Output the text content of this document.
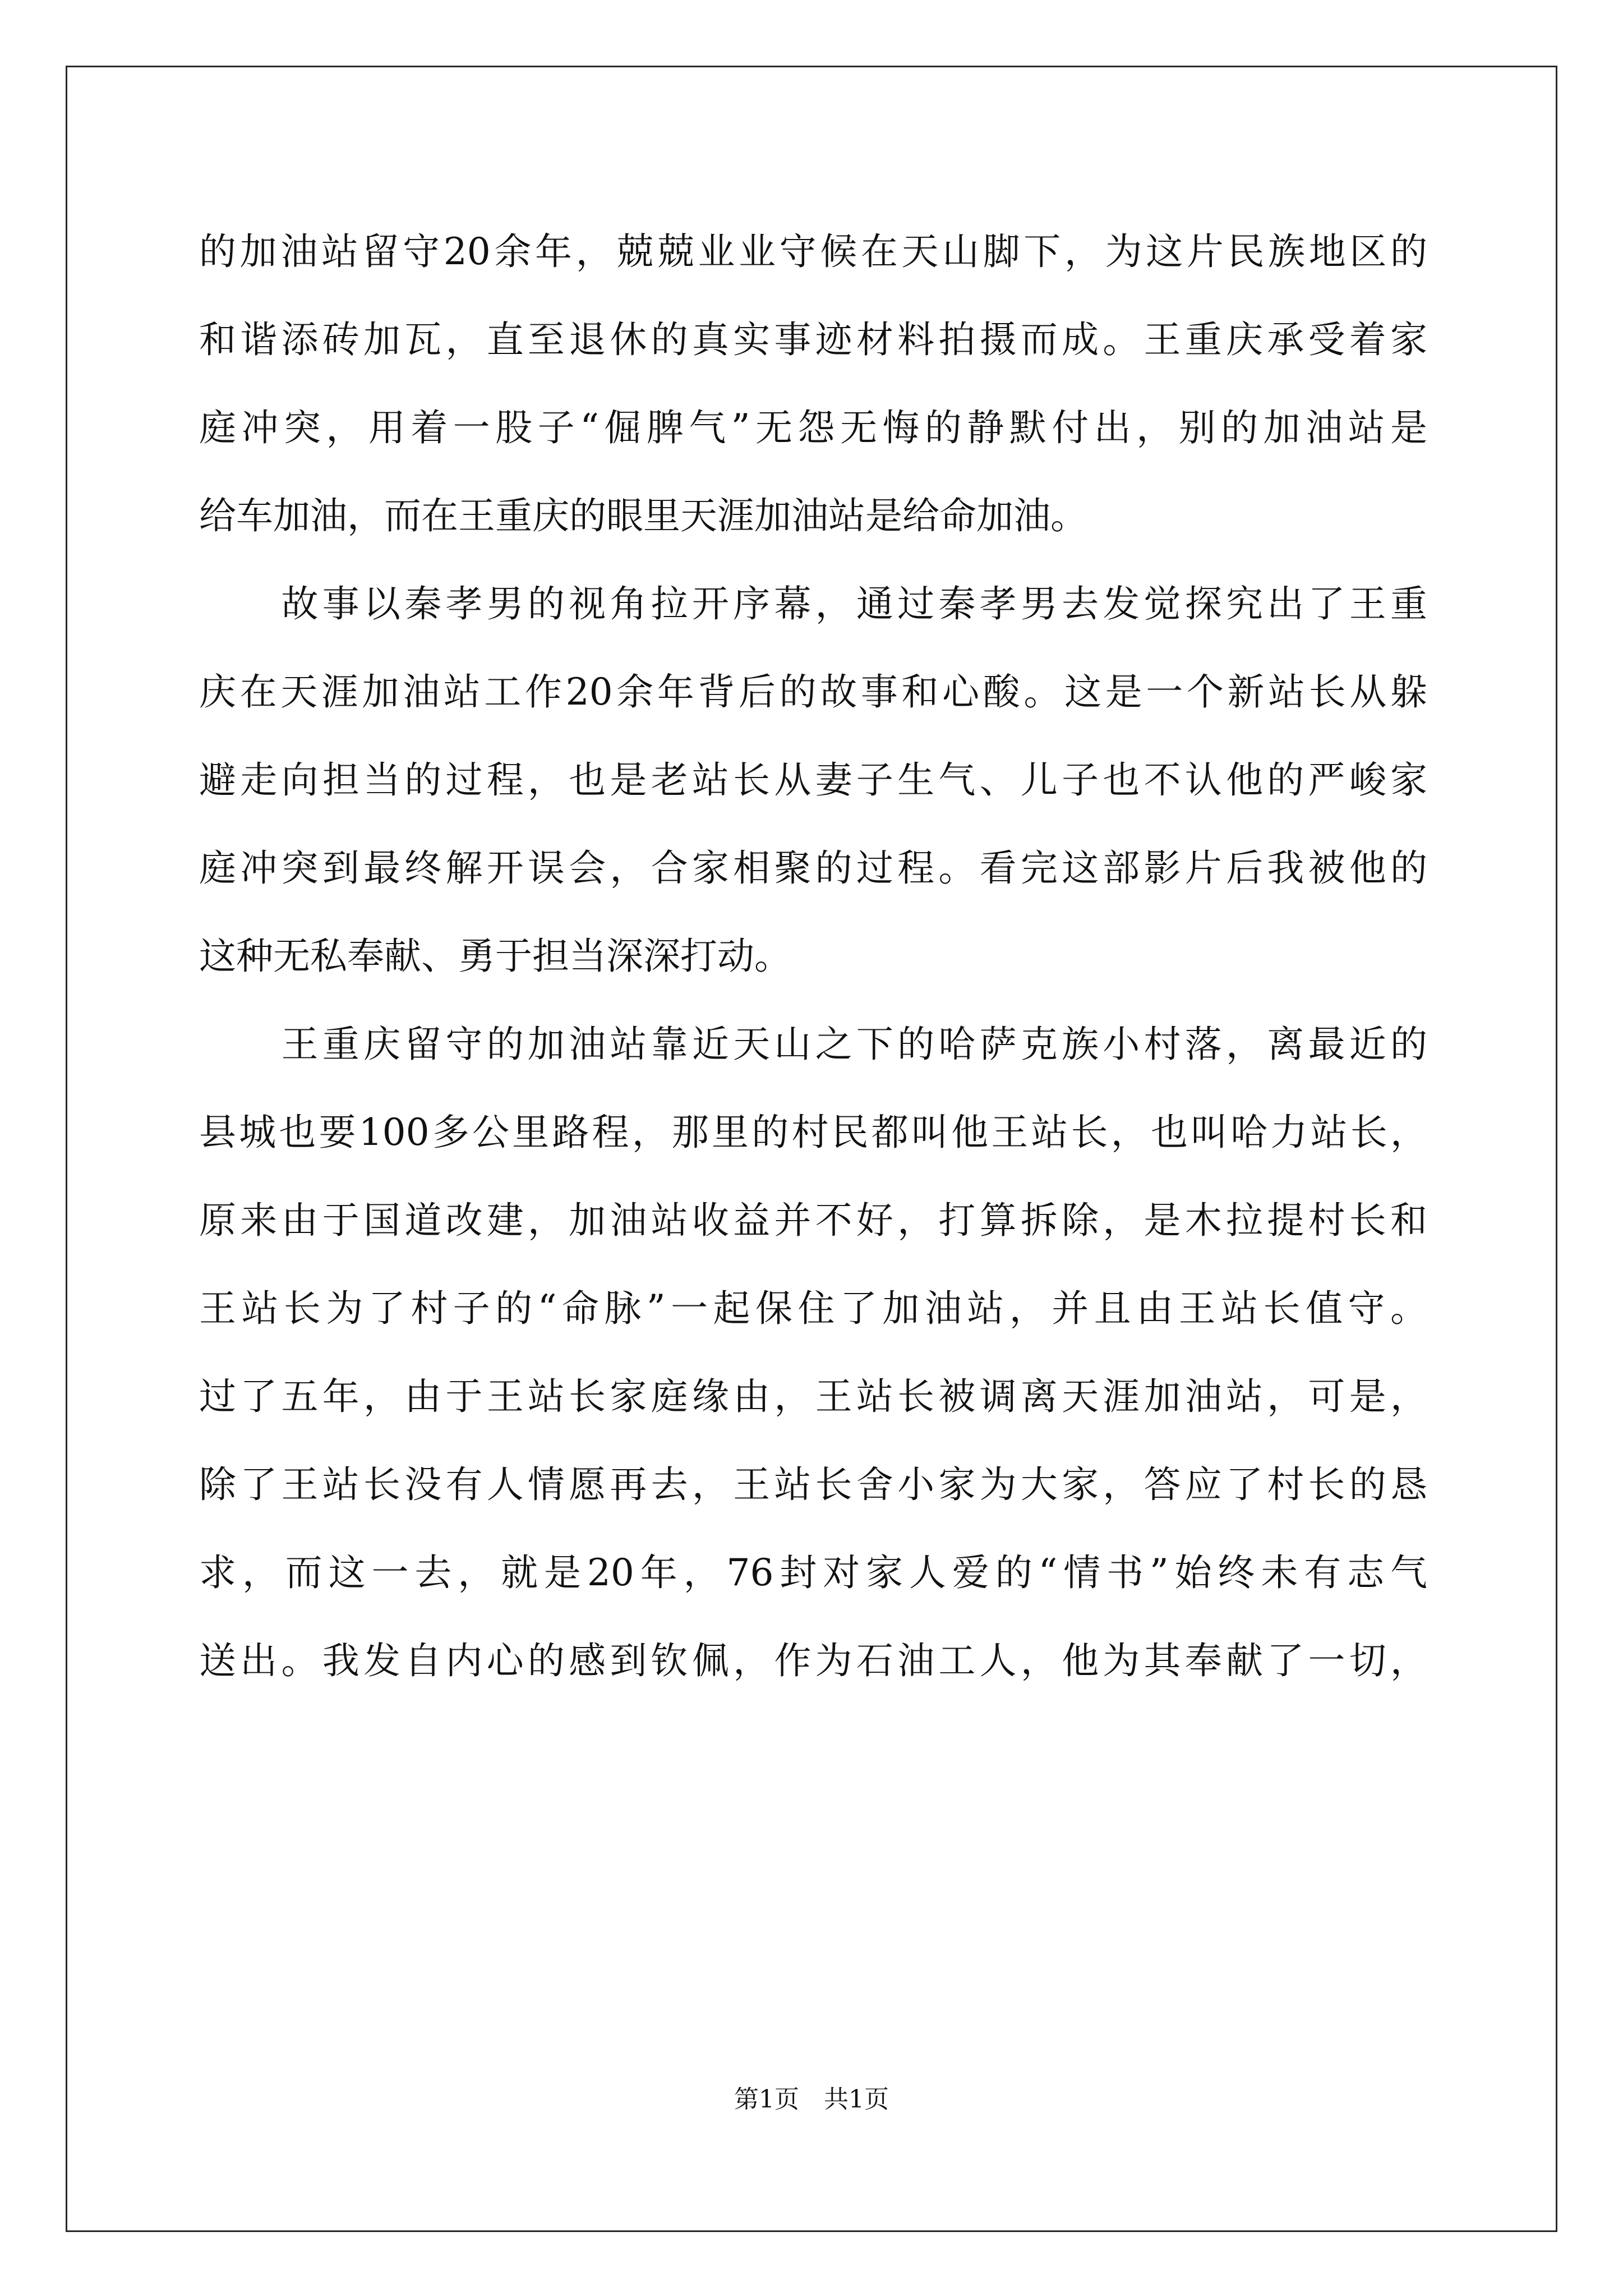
的加油站留守20余年，兢兢业业守候在天山脚下，为这片民族地区的
和谐添砖加瓦，直至退休的真实事迹材料拍摄而成。王重庆承受着家
庭冲突，用着一股子“倔脾气”无怨无悔的静默付出，别的加油站是
给车加油，而在王重庆的眼里天涯加油站是给命加油。

　　故事以秦孝男的视角拉开序幕，通过秦孝男去发觉探究出了王重
庆在天涯加油站工作20余年背后的故事和心酸。这是一个新站长从躲
避走向担当的过程，也是老站长从妻子生气、儿子也不认他的严峻家
庭冲突到最终解开误会，合家相聚的过程。看完这部影片后我被他的
这种无私奉献、勇于担当深深打动。

　　王重庆留守的加油站靠近天山之下的哈萨克族小村落，离最近的
县城也要100多公里路程，那里的村民都叫他王站长，也叫哈力站长，
原来由于国道改建，加油站收益并不好，打算拆除，是木拉提村长和
王站长为了村子的“命脉”一起保住了加油站，并且由王站长值守。
过了五年，由于王站长家庭缘由，王站长被调离天涯加油站，可是，
除了王站长没有人情愿再去，王站长舍小家为大家，答应了村长的恳
求，而这一去，就是20年，76封对家人爱的“情书”始终未有志气
送出。我发自内心的感到钦佩，作为石油工人，他为其奉献了一切，

第1页 共1页
